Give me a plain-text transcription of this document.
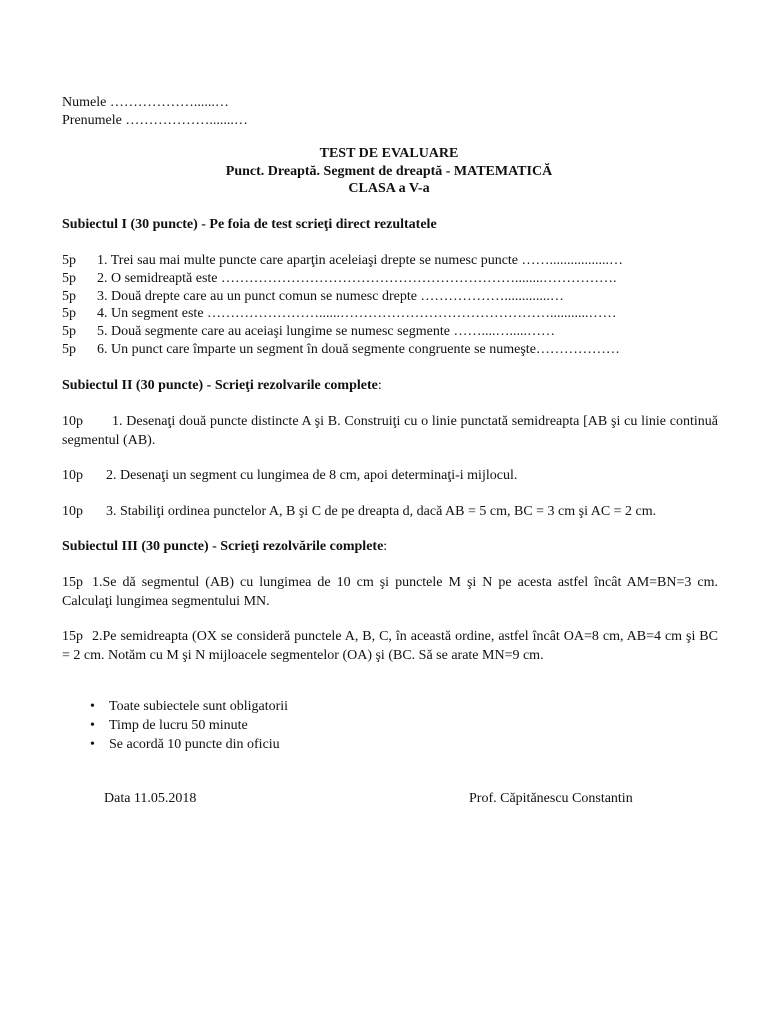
Numele ………………......…
Prenumele ……………….......…
TEST DE EVALUARE
Punct. Dreaptă. Segment de dreaptă - MATEMATICĂ
CLASA a V-a
Subiectul I (30 puncte) - Pe foia de test scrieţi direct rezultatele
5p 1. Trei sau mai multe puncte care aparţin aceleiaşi drepte se numesc puncte …….................…
5p 2. O semidreaptă este ………………………………………………………........…………….
5p 3. Două drepte care au un punct comun se numesc drepte ……………….............…
5p 4. Un segment este ……………………......………………………………………...........……
5p 5. Două segmente care au aceiaşi lungime se numesc segmente ……....….....……
5p 6. Un punct care împarte un segment în două segmente congruente se numeşte………………
Subiectul II (30 puncte) - Scrieţi rezolvarile complete:
10p 1. Desenaţi două puncte distincte A şi B. Construiţi cu o linie punctată semidreapta [AB şi cu linie continuă segmentul (AB).
10p 2. Desenaţi un segment cu lungimea de 8 cm, apoi determinaţi-i mijlocul.
10p 3. Stabiliţi ordinea punctelor A, B şi C de pe dreapta d, dacă AB = 5 cm, BC = 3 cm şi AC = 2 cm.
Subiectul III (30 puncte) - Scrieţi rezolvările complete:
15p 1.Se dă segmentul (AB) cu lungimea de 10 cm şi punctele M şi N pe acesta astfel încât AM=BN=3 cm. Calculaţi lungimea segmentului MN.
15p 2.Pe semidreapta (OX se consideră punctele A, B, C, în această ordine, astfel încât OA=8 cm, AB=4 cm şi BC = 2 cm. Notăm cu M şi N mijloacele segmentelor (OA) şi (BC. Să se arate MN=9 cm.
• Toate subiectele sunt obligatorii
• Timp de lucru 50 minute
• Se acordă 10 puncte din oficiu
Data 11.05.2018	Prof. Căpitănescu Constantin
